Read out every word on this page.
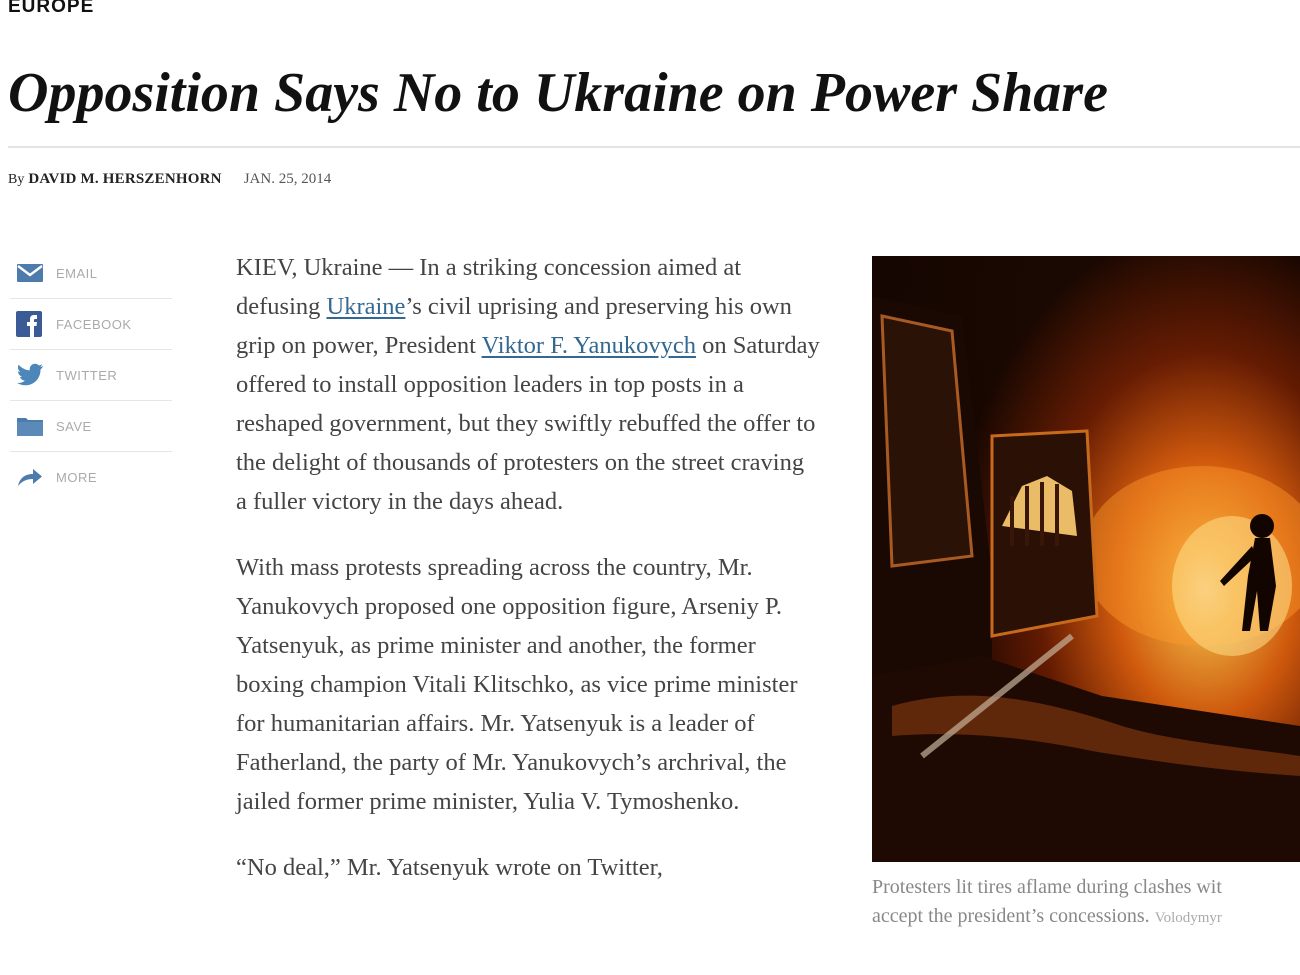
EUROPE
Opposition Says No to Ukraine on Power Share
By DAVID M. HERSZENHORN JAN. 25, 2014
EMAIL
FACEBOOK
TWITTER
SAVE
MORE

KIEV, Ukraine — In a striking concession aimed at defusing Ukraine’s civil uprising and preserving his own grip on power, President Viktor F. Yanukovych on Saturday offered to install opposition leaders in top posts in a reshaped government, but they swiftly rebuffed the offer to the delight of thousands of protesters on the street craving a fuller victory in the days ahead.

With mass protests spreading across the country, Mr. Yanukovych proposed one opposition figure, Arseniy P. Yatsenyuk, as prime minister and another, the former boxing champion Vitali Klitschko, as vice prime minister for humanitarian affairs. Mr. Yatsenyuk is a leader of Fatherland, the party of Mr. Yanukovych’s archrival, the jailed former prime minister, Yulia V. Tymoshenko.

“No deal,” Mr. Yatsenyuk wrote on Twitter,

Protesters lit tires aflame during clashes wit
accept the president’s concessions. Volodymyr
